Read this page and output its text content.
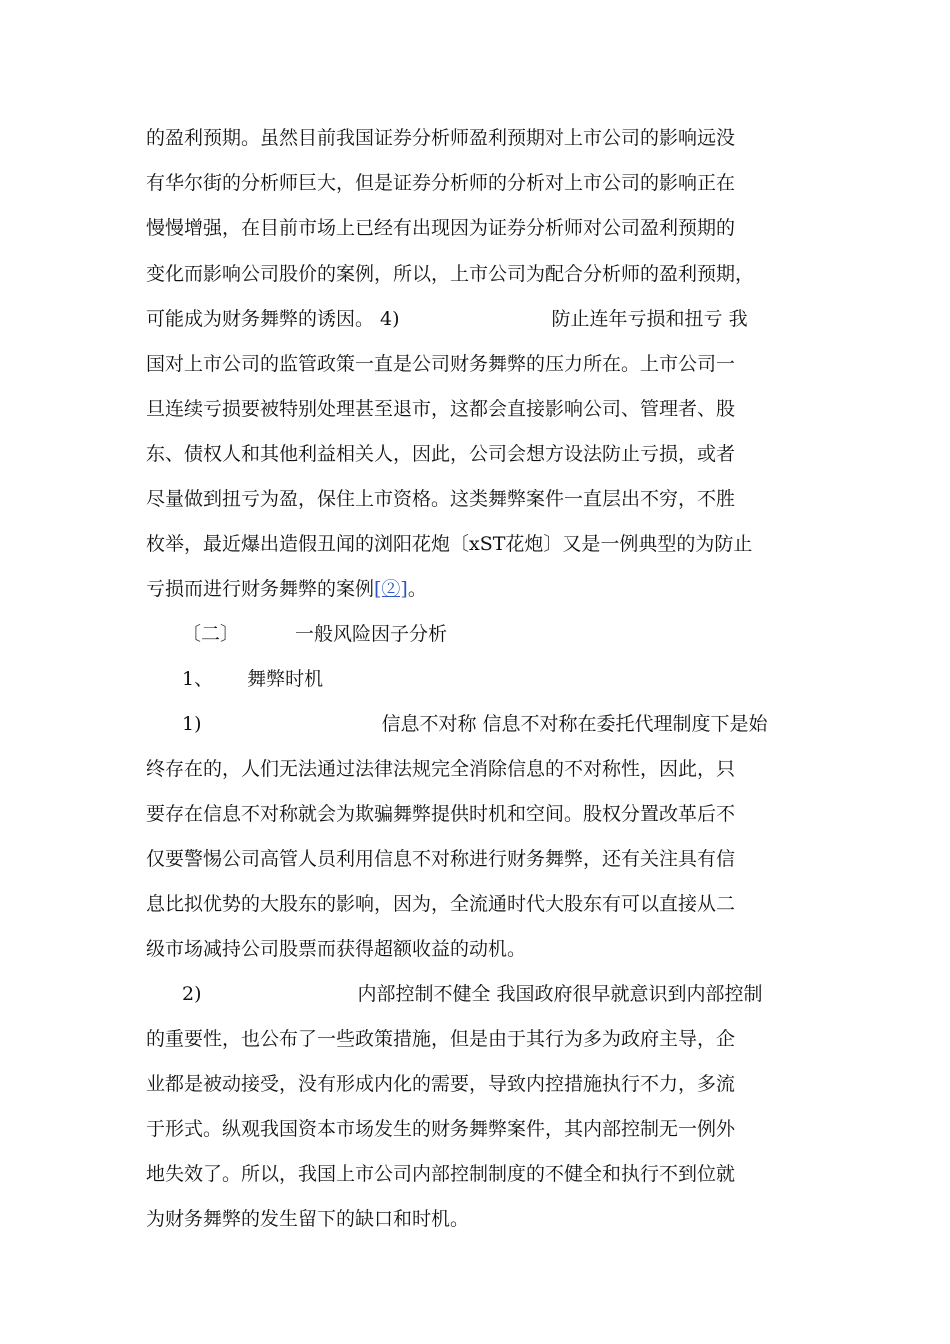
的盈利预期。虽然目前我国证券分析师盈利预期对上市公司的影响远没
有华尔街的分析师巨大，但是证券分析师的分析对上市公司的影响正在
慢慢增强，在目前市场上已经有出现因为证券分析师对公司盈利预期的
变化而影响公司股价的案例，所以，上市公司为配合分析师的盈利预期，
可能成为财务舞弊的诱因。 4)	防止连年亏损和扭亏 我
国对上市公司的监管政策一直是公司财务舞弊的压力所在。上市公司一
旦连续亏损要被特别处理甚至退市，这都会直接影响公司、管理者、股
东、债权人和其他利益相关人，因此，公司会想方设法防止亏损，或者
尽量做到扭亏为盈，保住上市资格。这类舞弊案件一直层出不穷，不胜
枚举，最近爆出造假丑闻的浏阳花炮〔xST花炮〕又是一例典型的为防止
亏损而进行财务舞弊的案例[②]。
〔二〕	一般风险因子分析
1、 舞弊时机
1)	信息不对称 信息不对称在委托代理制度下是始
终存在的，人们无法通过法律法规完全消除信息的不对称性，因此，只
要存在信息不对称就会为欺骗舞弊提供时机和空间。股权分置改革后不
仅要警惕公司高管人员利用信息不对称进行财务舞弊，还有关注具有信
息比拟优势的大股东的影响，因为，全流通时代大股东有可以直接从二
级市场减持公司股票而获得超额收益的动机。
2)	内部控制不健全 我国政府很早就意识到内部控制
的重要性，也公布了一些政策措施，但是由于其行为多为政府主导，企
业都是被动接受，没有形成内化的需要，导致内控措施执行不力，多流
于形式。纵观我国资本市场发生的财务舞弊案件，其内部控制无一例外
地失效了。所以，我国上市公司内部控制制度的不健全和执行不到位就
为财务舞弊的发生留下的缺口和时机。
